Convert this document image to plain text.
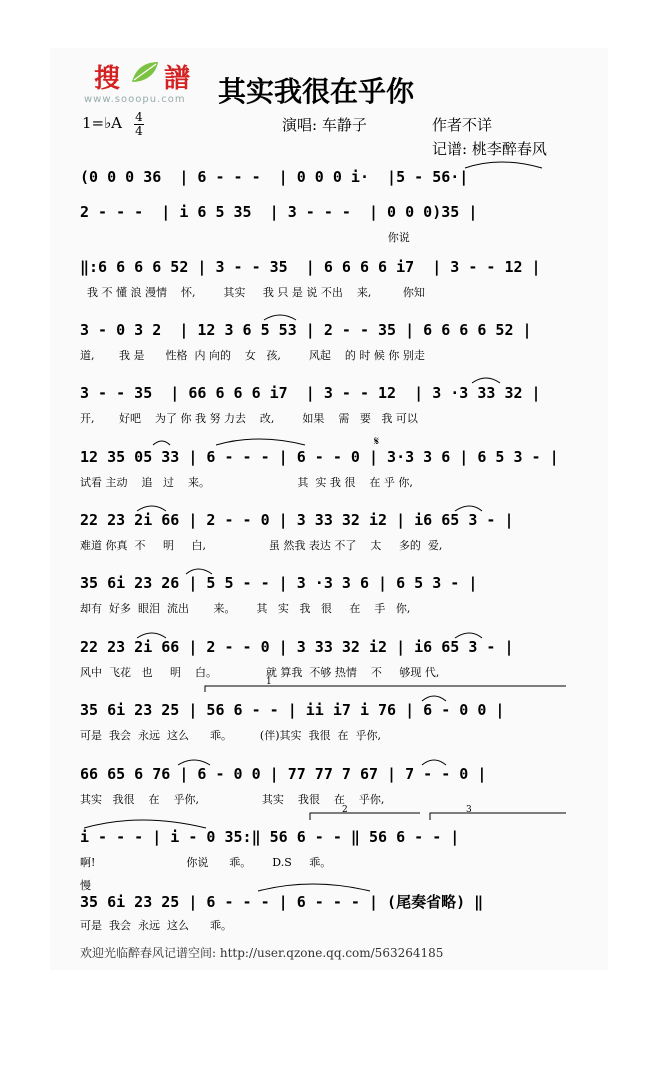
搜 譜
www.sooopu.com 其实我很在乎你
1=♭A 4
4	演唱: 车静子	作者不详
记谱: 桃李醉春风
(0 0 0 36  | 6 - - -  | 0 0 0 i·  |5 - 56·|
2 - - -  | i 6 5 35  | 3 - - -  | 0 0 0)35 |
你说
‖:6 6 6 6 52 | 3 - - 35  | 6 6 6 6 i7  | 3 - - 12 |
我 不 懂 浪 漫情    怀,        其实     我 只 是 说 不出    来,         你知
3 - 0 3 2  | 12 3 6 5 53 | 2 - - 35 | 6 6 6 6 52 |
道,       我 是      性格  内 向的    女   孩,        风起    的 时 候 你 别走
3 - - 35  | 66 6 6 6 i7  | 3 - - 12  | 3 ·3 33 32 |
开,       好吧    为了 你 我 努 力去    改,        如果    需   要   我 可以
12 35 05 33 | 6 - - - | 6 - - 0 | 3·3 3 6 | 6 5 3 - |
试看 主动    追   过    来。                         其  实 我 很    在 乎 你,
22 23 2i 66 | 2 - - 0 | 3 33 32 i2 | i6 65 3 - |
难道 你真  不     明     白,                  虽 然我 表达 不了    太     多的  爱,
35 6i 23 26 | 5 5 - - | 3 ·3 3 6 | 6 5 3 - |
却有  好多  眼泪  流出       来。      其   实   我   很     在    手   你,
22 23 2i 66 | 2 - - 0 | 3 33 32 i2 | i6 65 3 - |
风中  飞花   也     明    白。              就 算我  不够 热情    不     够现 代,
35 6i 23 25 | 56 6 - - | ii i7 i 76 | 6 - 0 0 |
可是  我会  永远  这么      乖。        (伴)其实  我很  在  乎你,
66 65 6 76 | 6 - 0 0 | 77 77 7 67 | 7 - - 0 |
其实   我很    在    乎你,                  其实    我很    在    乎你,
i - - - | i - 0 35:‖ 56 6 - - ‖ 56 6 - - |
啊!                          你说      乖。      D.S     乖。
35 6i 23 25 | 6 - - - | 6 - - - | (尾奏省略) ‖
可是  我会  永远  这么      乖。
慢
𝄋
1
2	3
欢迎光临醉春风记谱空间: http://user.qzone.qq.com/563264185
